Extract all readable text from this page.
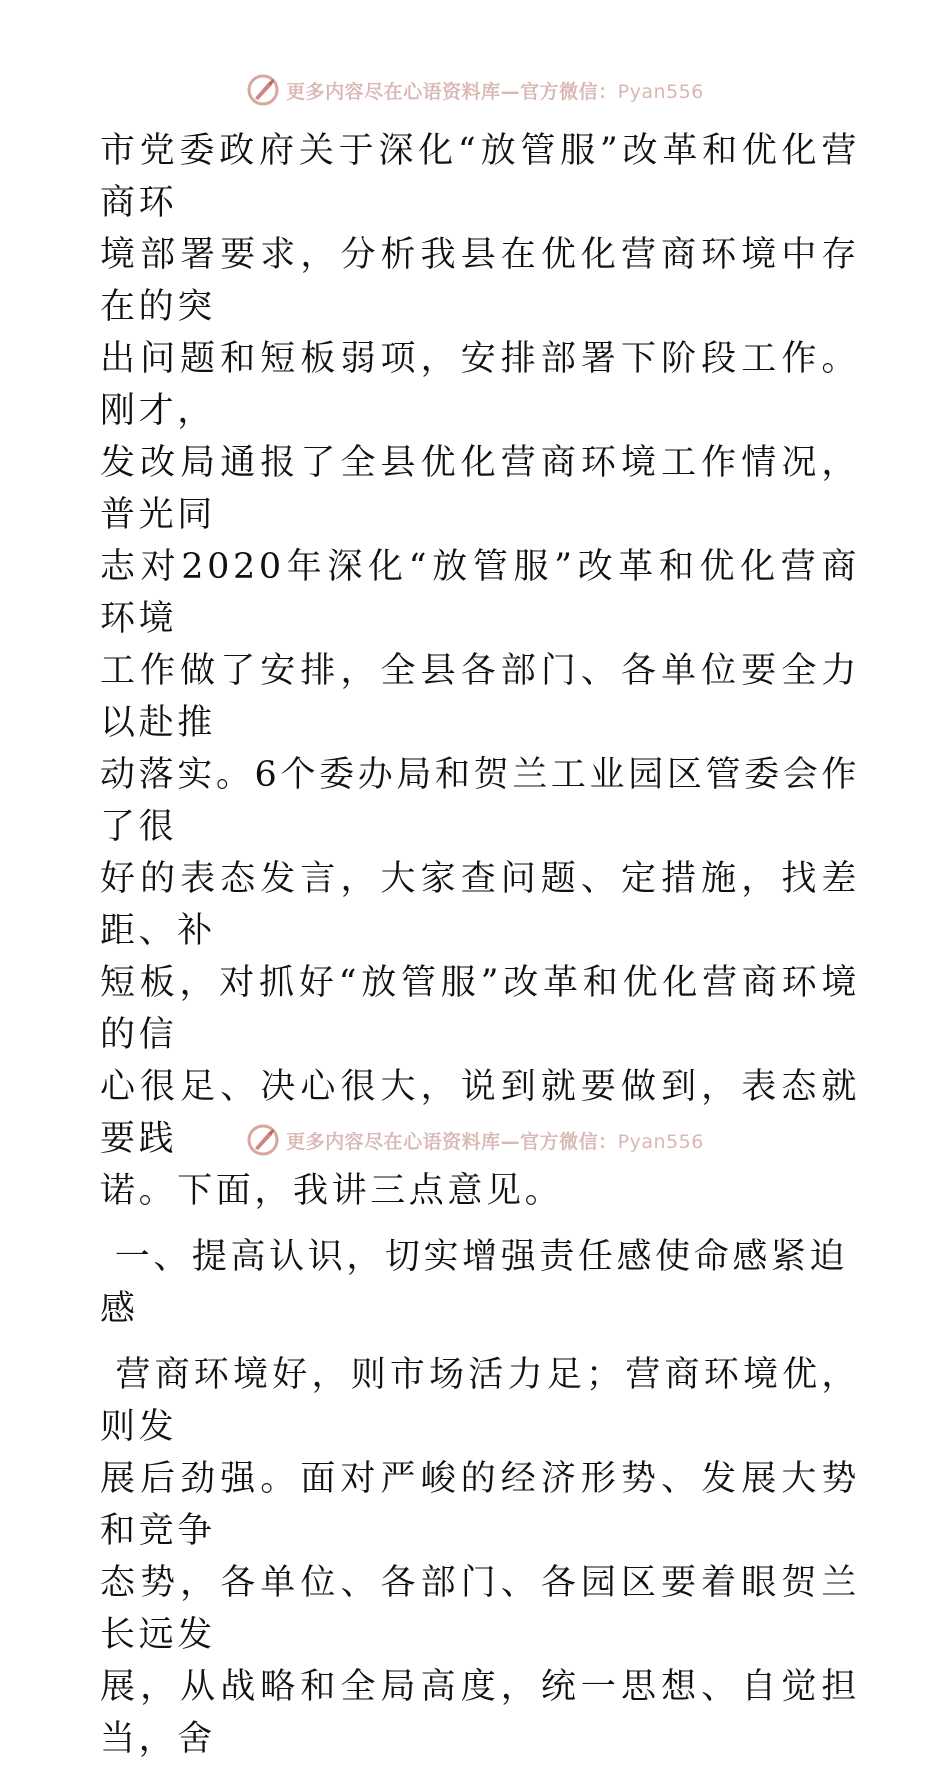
更多内容尽在心语资料库—官方微信：Pyan556

市党委政府关于深化“放管服”改革和优化营商环
境部署要求，分析我县在优化营商环境中存在的突
出问题和短板弱项，安排部署下阶段工作。刚才，
发改局通报了全县优化营商环境工作情况，普光同
志对2020年深化“放管服”改革和优化营商环境
工作做了安排，全县各部门、各单位要全力以赴推
动落实。6个委办局和贺兰工业园区管委会作了很
好的表态发言，大家查问题、定措施，找差距、补
短板，对抓好“放管服”改革和优化营商环境的信
心很足、决心很大，说到就要做到，表态就要践
诺。下面，我讲三点意见。

一、提高认识，切实增强责任感使命感紧迫感

营商环境好，则市场活力足；营商环境优，则发
展后劲强。面对严峻的经济形势、发展大势和竞争
态势，各单位、各部门、各园区要着眼贺兰长远发
展，从战略和全局高度，统一思想、自觉担当，舍

更多内容尽在心语资料库—官方微信：Pyan556
